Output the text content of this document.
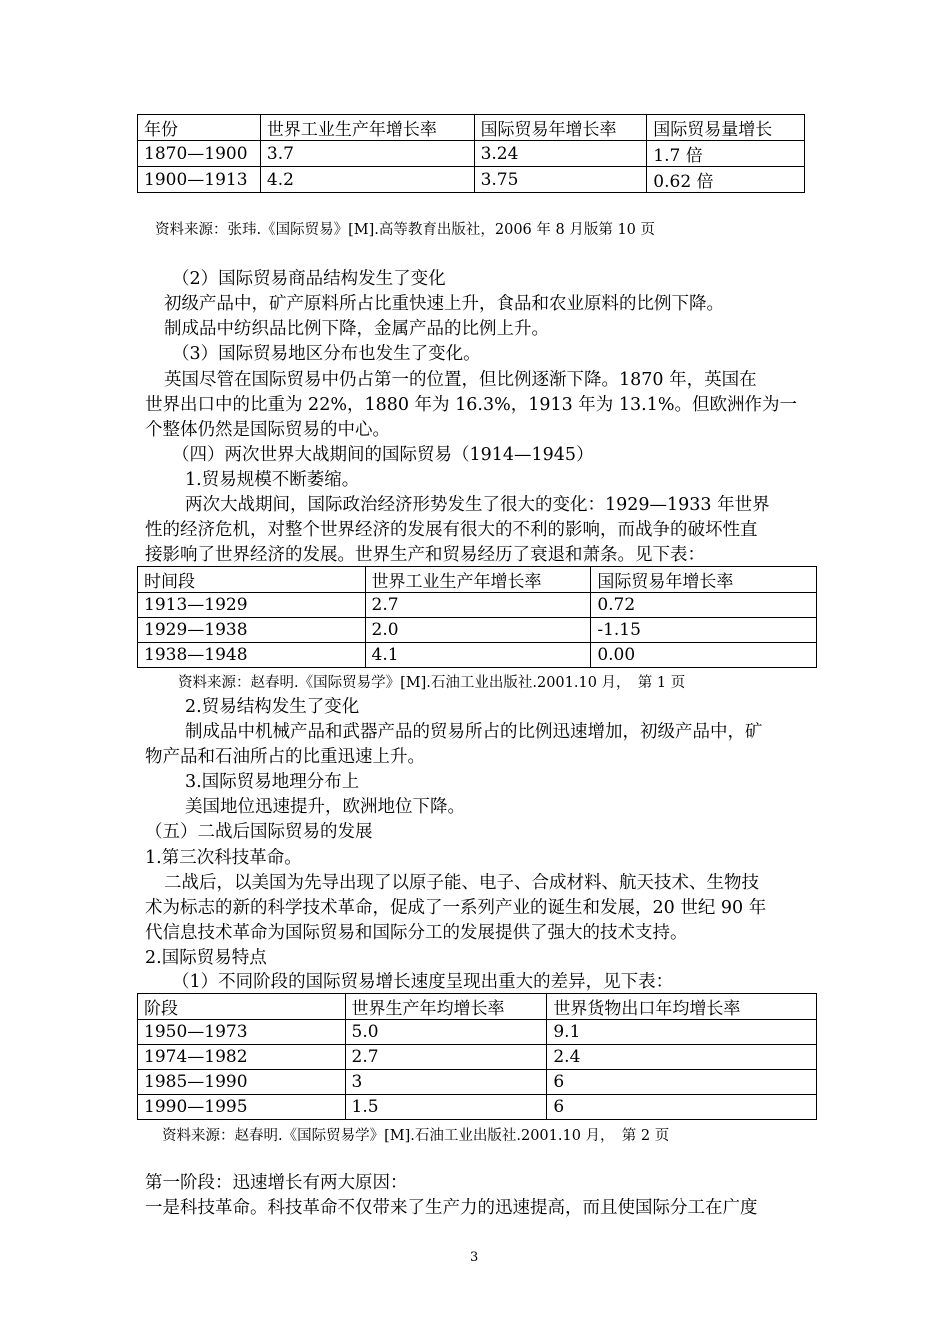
年份	世界工业生产年增长率	国际贸易年增长率	国际贸易量增长
1870—1900	3.7	3.24	1.7 倍
1900—1913	4.2	3.75	0.62 倍
资料来源：张玮.《国际贸易》[M].高等教育出版社，2006 年 8 月版第 10 页
（2）国际贸易商品结构发生了变化
初级产品中，矿产原料所占比重快速上升，食品和农业原料的比例下降。
制成品中纺织品比例下降，金属产品的比例上升。
（3）国际贸易地区分布也发生了变化。
英国尽管在国际贸易中仍占第一的位置，但比例逐渐下降。1870 年，英国在
世界出口中的比重为 22%，1880 年为 16.3%，1913 年为 13.1%。但欧洲作为一
个整体仍然是国际贸易的中心。
（四）两次世界大战期间的国际贸易（1914—1945）
1.贸易规模不断萎缩。
两次大战期间，国际政治经济形势发生了很大的变化：1929—1933 年世界
性的经济危机，对整个世界经济的发展有很大的不利的影响，而战争的破坏性直
接影响了世界经济的发展。世界生产和贸易经历了衰退和萧条。见下表：
时间段	世界工业生产年增长率	国际贸易年增长率
1913—1929	2.7	0.72
1929—1938	2.0	-1.15
1938—1948	4.1	0.00
资料来源：赵春明.《国际贸易学》[M].石油工业出版社.2001.10 月，　第 1 页
2.贸易结构发生了变化
制成品中机械产品和武器产品的贸易所占的比例迅速增加，初级产品中，矿
物产品和石油所占的比重迅速上升。
3.国际贸易地理分布上
美国地位迅速提升，欧洲地位下降。
（五）二战后国际贸易的发展
1.第三次科技革命。
二战后，以美国为先导出现了以原子能、电子、合成材料、航天技术、生物技
术为标志的新的科学技术革命，促成了一系列产业的诞生和发展，20 世纪 90 年
代信息技术革命为国际贸易和国际分工的发展提供了强大的技术支持。
2.国际贸易特点
（1）不同阶段的国际贸易增长速度呈现出重大的差异，见下表：
阶段	世界生产年均增长率	世界货物出口年均增长率
1950—1973	5.0	9.1
1974—1982	2.7	2.4
1985—1990	3	6
1990—1995	1.5	6
资料来源：赵春明.《国际贸易学》[M].石油工业出版社.2001.10 月，　第 2 页
第一阶段：迅速增长有两大原因：
一是科技革命。科技革命不仅带来了生产力的迅速提高，而且使国际分工在广度
3
